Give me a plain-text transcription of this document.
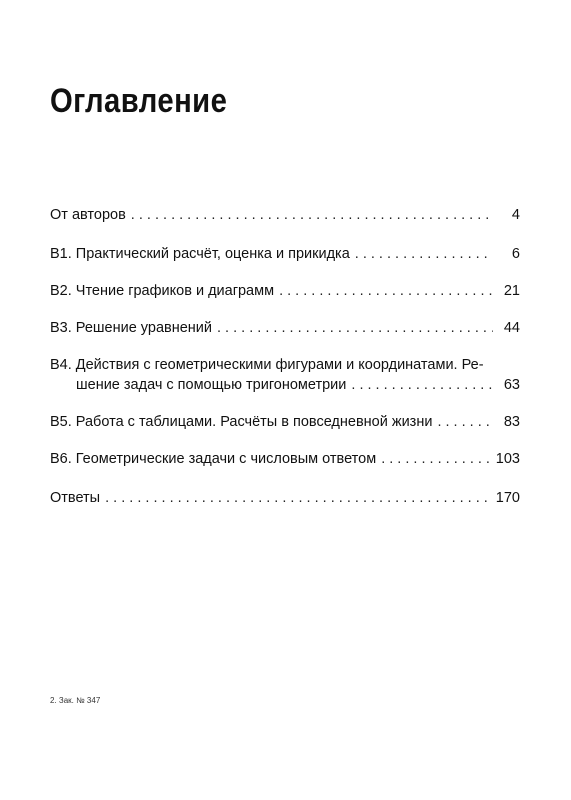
Оглавление
От авторов . . .	4
В1. Практический расчёт, оценка и прикидка . . .	6
В2. Чтение графиков и диаграмм . . .	21
В3. Решение уравнений . . .	44
В4. Действия с геометрическими фигурами и координатами. Ре-
шение задач с помощью тригонометрии . . .	63
В5. Работа с таблицами. Расчёты в повседневной жизни . . .	83
В6. Геометрические задачи с числовым ответом . . .	103
Ответы . . .	170
2. Зак. № 347
